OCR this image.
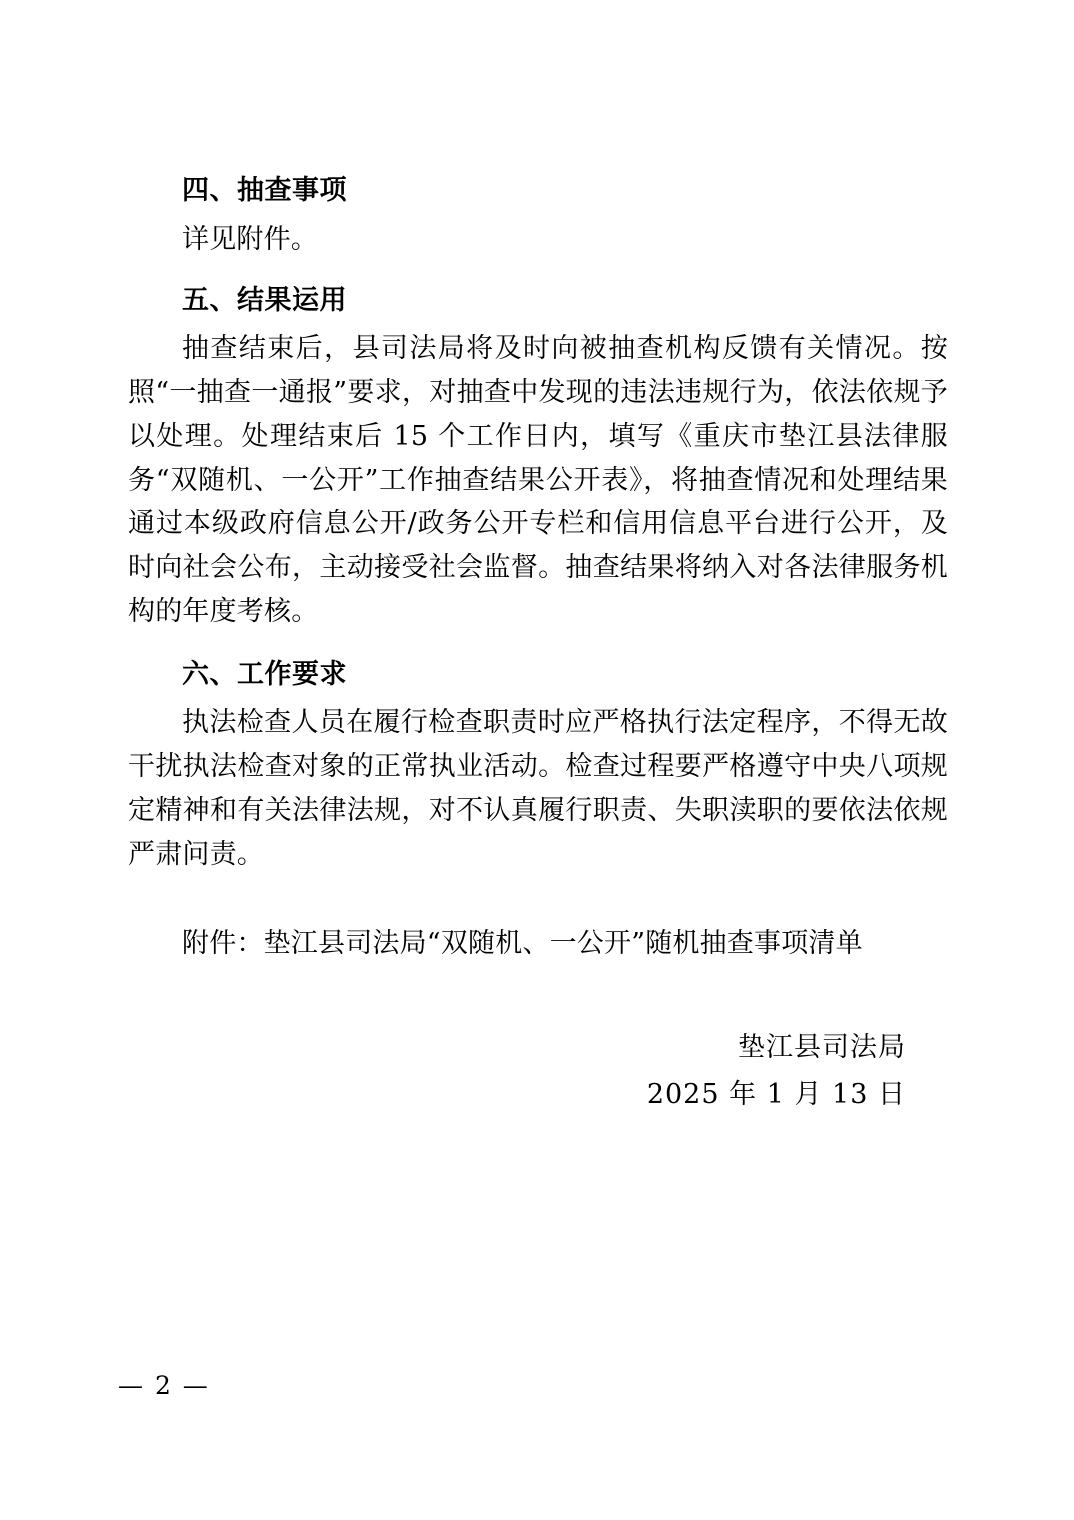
四、抽查事项

详见附件。

五、结果运用

抽查结束后，县司法局将及时向被抽查机构反馈有关情况。按照“一抽查一通报”要求，对抽查中发现的违法违规行为，依法依规予以处理。处理结束后 15 个工作日内，填写《重庆市垫江县法律服务“双随机、一公开”工作抽查结果公开表》，将抽查情况和处理结果通过本级政府信息公开/政务公开专栏和信用信息平台进行公开，及时向社会公布，主动接受社会监督。抽查结果将纳入对各法律服务机构的年度考核。

六、工作要求

执法检查人员在履行检查职责时应严格执行法定程序，不得无故干扰执法检查对象的正常执业活动。检查过程要严格遵守中央八项规定精神和有关法律法规，对不认真履行职责、失职渎职的要依法依规严肃问责。

附件：垫江县司法局“双随机、一公开”随机抽查事项清单

垫江县司法局
2025 年 1 月 13 日
— 2 —
